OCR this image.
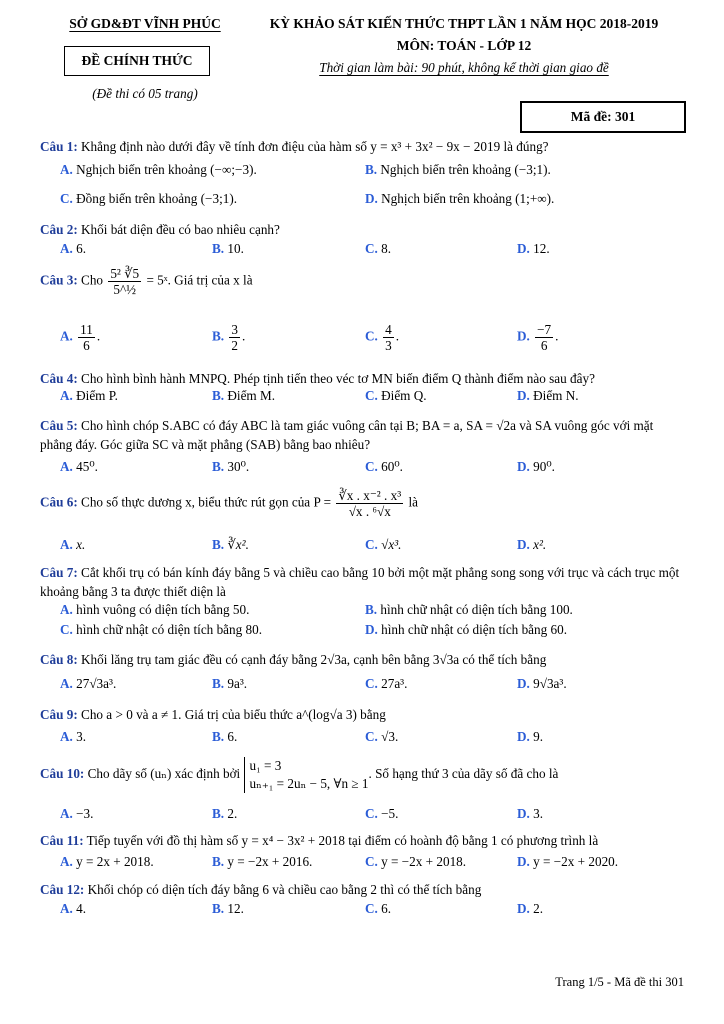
SỞ GD&ĐT VĨNH PHÚC
ĐỀ CHÍNH THỨC
(Đề thi có 05 trang)
KỲ KHẢO SÁT KIẾN THỨC THPT LẦN 1 NĂM HỌC 2018-2019
MÔN: TOÁN - LỚP 12
Thời gian làm bài: 90 phút, không kể thời gian giao đề
Mã đề: 301
Câu 1: Khẳng định nào dưới đây về tính đơn điệu của hàm số y = x³ + 3x² − 9x − 2019 là đúng?
A. Nghịch biến trên khoảng (−∞;−3).	B. Nghịch biến trên khoảng (−3;1).
C. Đồng biến trên khoảng (−3;1).	D. Nghịch biến trên khoảng (1;+∞).
Câu 2: Khối bát diện đều có bao nhiêu cạnh?
A. 6.	B. 10.	C. 8.	D. 12.
Câu 3: Cho $\frac{\text{5² ∛5}}{\text{5\textasciicircum{}½}}$ = 5ˣ. Giá trị của x là
A. $\frac{11}{6}$ .	B. $\frac{3}{2}$ .	C. $\frac{4}{3}$ .	D. $\frac{-7}{6}$ .
Câu 4: Cho hình bình hành MNPQ. Phép tịnh tiến theo véc tơ MN biến điểm Q thành điểm nào sau đây?
A. Điểm P.	B. Điểm M.	C. Điểm Q.	D. Điểm N.
Câu 5: Cho hình chóp S.ABC có đáy ABC là tam giác vuông cân tại B; BA = a, SA = √2a và SA vuông góc với mặt phẳng đáy. Góc giữa SC và mặt phẳng (SAB) bằng bao nhiêu?
A. 45⁰.	B. 30⁰.	C. 60⁰.	D. 90⁰.
Câu 6: Cho số thực dương x, biểu thức rút gọn của $P = \frac{\text{∛x . x⁻² . x³}}{\text{√x . ⁶√x}}$ là
A. x.	B. ∛x².	C. √x³.	D. x².
Câu 7: Cắt khối trụ có bán kính đáy bằng 5 và chiều cao bằng 10 bởi một mặt phẳng song song với trục và cách trục một khoảng bằng 3 ta được thiết diện là
A. hình vuông có diện tích bằng 50.	B. hình chữ nhật có diện tích bằng 100.
C. hình chữ nhật có diện tích bằng 80.	D. hình chữ nhật có diện tích bằng 60.
Câu 8: Khối lăng trụ tam giác đều có cạnh đáy bằng 2√3a, cạnh bên bằng 3√3a có thể tích bằng
A. 27√3a³.	B. 9a³.	C. 27a³.	D. 9√3a³.
Câu 9: Cho a > 0 và a ≠ 1. Giá trị của biểu thức a^(log√a 3) bằng
A. 3.	B. 6.	C. √3.	D. 9.
Câu 10: Cho dãy số (uₙ) xác định bởi
u₁ = 3
uₙ₊₁ = 2uₙ − 5, ∀n ≥ 1
. Số hạng thứ 3 của dãy số đã cho là
A. −3.	B. 2.	C. −5.	D. 3.
Câu 11: Tiếp tuyến với đồ thị hàm số y = x⁴ − 3x² + 2018 tại điểm có hoành độ bằng 1 có phương trình là
A. y = 2x + 2018.	B. y = −2x + 2016.	C. y = −2x + 2018.	D. y = −2x + 2020.
Câu 12: Khối chóp có diện tích đáy bằng 6 và chiều cao bằng 2 thì có thể tích bằng
A. 4.	B. 12.	C. 6.	D. 2.
Trang 1/5 - Mã đề thi 301
